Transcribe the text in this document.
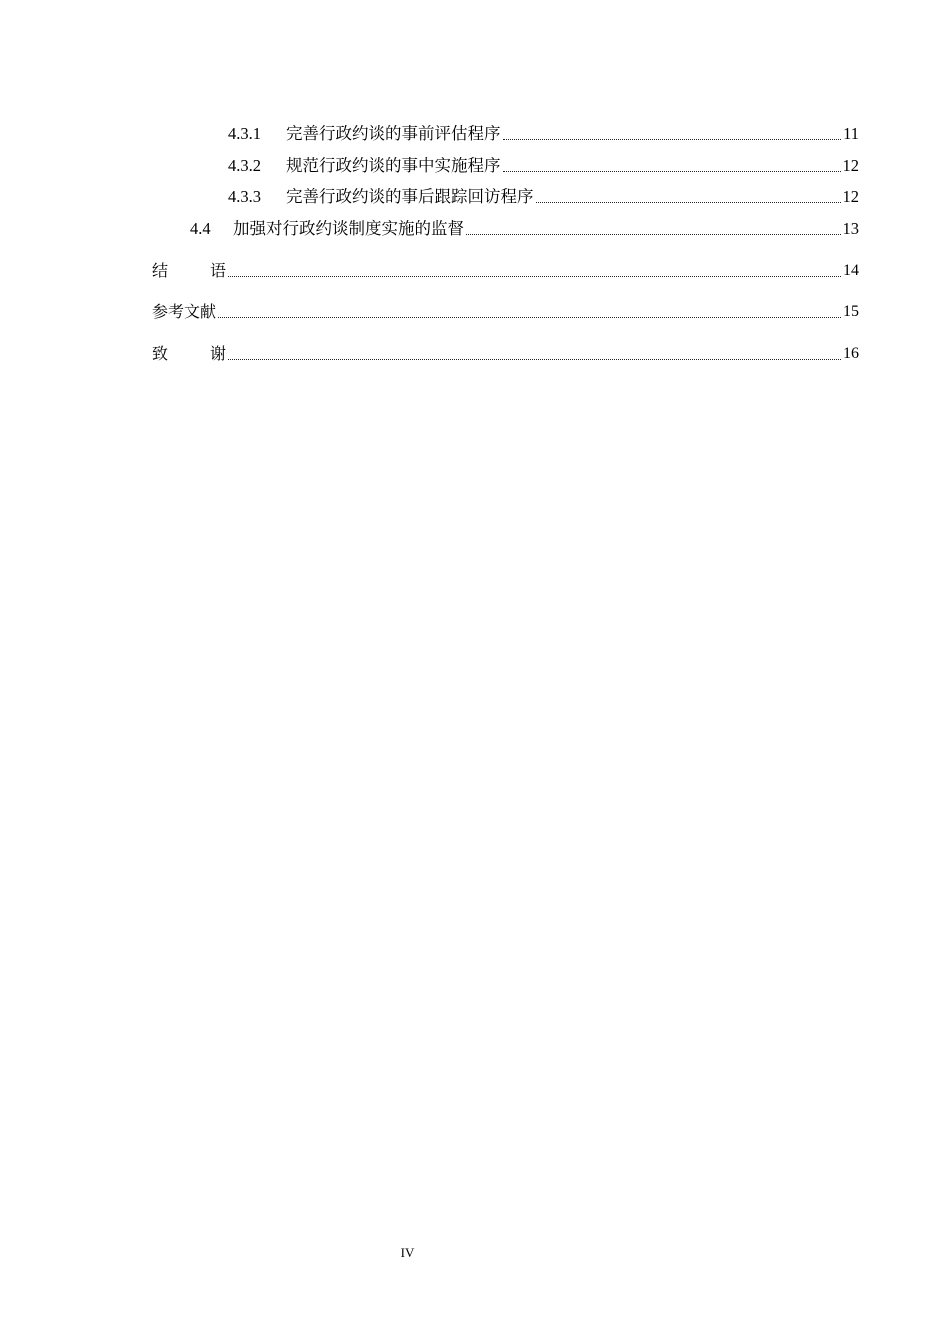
4.3.1	完善行政约谈的事前评估程序	11
4.3.2	规范行政约谈的事中实施程序	12
4.3.3	完善行政约谈的事后跟踪回访程序	12
4.4	加强对行政约谈制度实施的监督	13
结语	14
参考文献	15
致谢	16
IV
